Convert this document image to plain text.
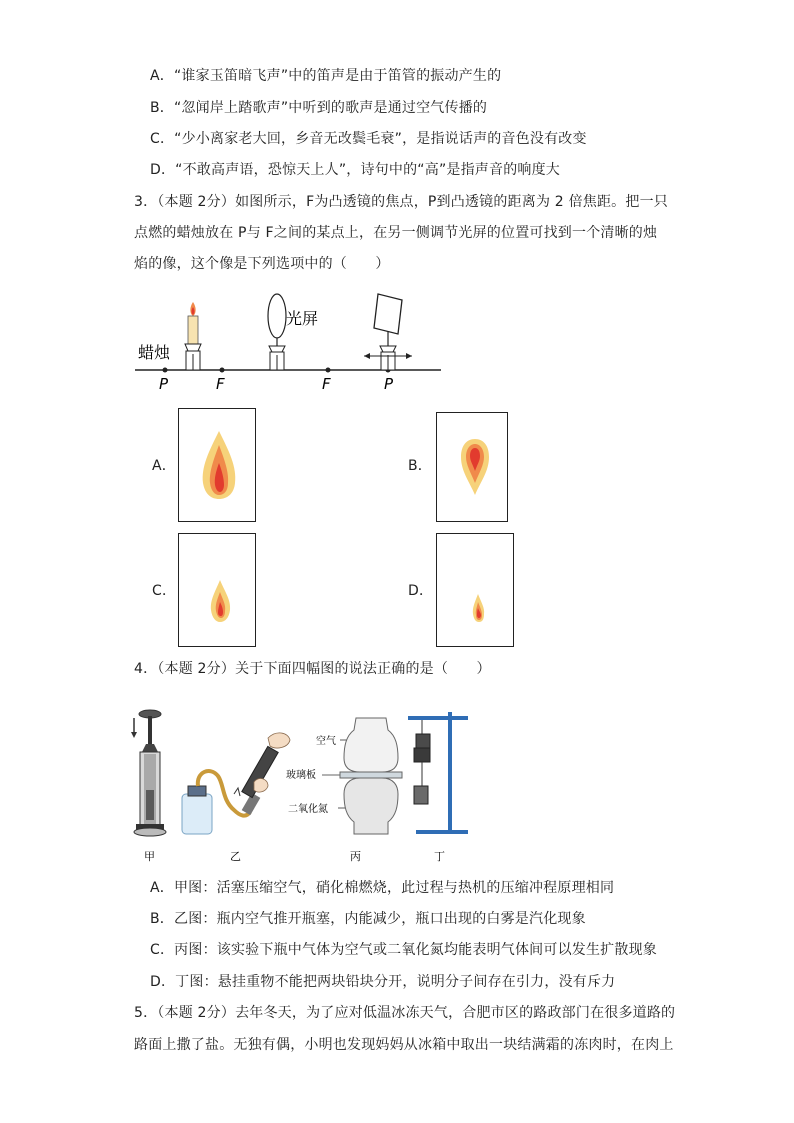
A．“谁家玉笛暗飞声”中的笛声是由于笛管的振动产生的
B．“忽闻岸上踏歌声”中听到的歌声是通过空气传播的
C．“少小离家老大回，乡音无改鬓毛衰”，是指说话声的音色没有改变
D．“不敢高声语，恐惊天上人”，诗句中的“高”是指声音的响度大
3．（本题 2分）如图所示，F为凸透镜的焦点，P到凸透镜的距离为 2 倍焦距。把一只
点燃的蜡烛放在 P与 F之间的某点上，在另一侧调节光屏的位置可找到一个清晰的烛
焰的像，这个像是下列选项中的（　　）
P	F	F	P
蜡烛
光屏
A．	B．
C．	D．
4．（本题 2分）关于下面四幅图的说法正确的是（　　）
甲	乙
空气
玻璃板
二氧化氮
丙	丁
A．甲图：活塞压缩空气，硝化棉燃烧，此过程与热机的压缩冲程原理相同
B．乙图：瓶内空气推开瓶塞，内能减少，瓶口出现的白雾是汽化现象
C．丙图：该实验下瓶中气体为空气或二氧化氮均能表明气体间可以发生扩散现象
D．丁图：悬挂重物不能把两块铅块分开，说明分子间存在引力，没有斥力
5．（本题 2分）去年冬天，为了应对低温冰冻天气，合肥市区的路政部门在很多道路的
路面上撒了盐。无独有偶，小明也发现妈妈从冰箱中取出一块结满霜的冻肉时，在肉上
